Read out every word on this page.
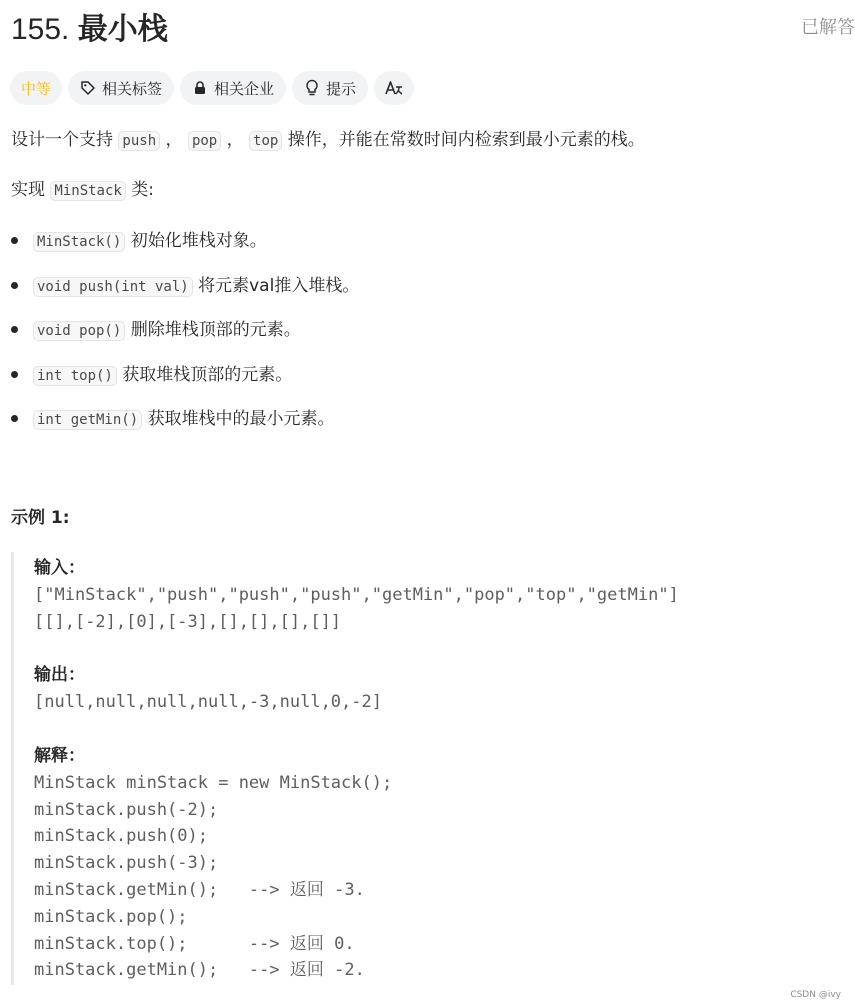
155. 最小栈	已解答
中等	相关标签	相关企业	提示
设计一个支持 push ， pop ， top 操作，并能在常数时间内检索到最小元素的栈。
实现 MinStack 类:
MinStack() 初始化堆栈对象。
void push(int val) 将元素val推入堆栈。
void pop() 删除堆栈顶部的元素。
int top() 获取堆栈顶部的元素。
int getMin() 获取堆栈中的最小元素。
示例 1:
输入：
["MinStack","push","push","push","getMin","pop","top","getMin"]
[[],[-2],[0],[-3],[],[],[],[]]
输出：
[null,null,null,null,-3,null,0,-2]
解释：
MinStack minStack = new MinStack();
minStack.push(-2);
minStack.push(0);
minStack.push(-3);
minStack.getMin();   --> 返回 -3.
minStack.pop();
minStack.top();      --> 返回 0.
minStack.getMin();   --> 返回 -2.
CSDN @ivy
